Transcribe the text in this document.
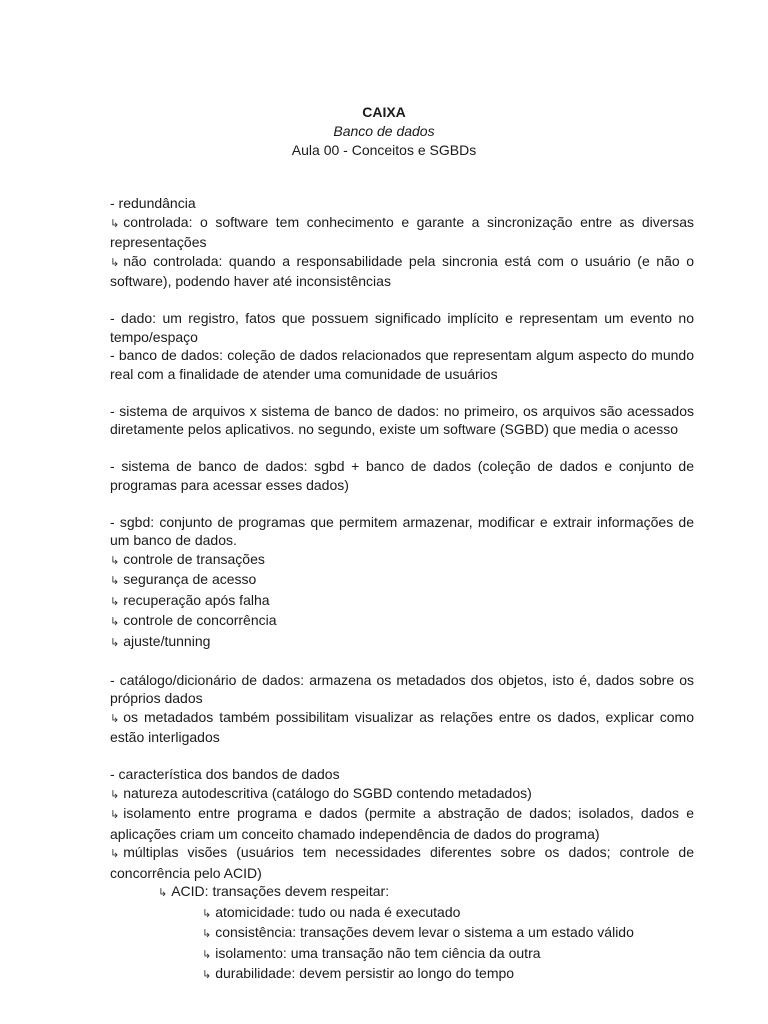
CAIXA
Banco de dados
Aula 00 - Conceitos e SGBDs

- redundância

↳ controlada: o software tem conhecimento e garante a sincronização entre as diversas representações

↳ não controlada: quando a responsabilidade pela sincronia está com o usuário (e não o software), podendo haver até inconsistências

- dado: um registro, fatos que possuem significado implícito e representam um evento no tempo/espaço

- banco de dados: coleção de dados relacionados que representam algum aspecto do mundo real com a finalidade de atender uma comunidade de usuários

- sistema de arquivos x sistema de banco de dados: no primeiro, os arquivos são acessados diretamente pelos aplicativos. no segundo, existe um software (SGBD) que media o acesso

- sistema de banco de dados: sgbd + banco de dados (coleção de dados e conjunto de programas para acessar esses dados)

- sgbd: conjunto de programas que permitem armazenar, modificar e extrair informações de um banco de dados.

↳ controle de transações

↳ segurança de acesso

↳ recuperação após falha

↳ controle de concorrência

↳ ajuste/tunning

- catálogo/dicionário de dados: armazena os metadados dos objetos, isto é, dados sobre os próprios dados

↳ os metadados também possibilitam visualizar as relações entre os dados, explicar como estão interligados

- característica dos bandos de dados

↳ natureza autodescritiva (catálogo do SGBD contendo metadados)

↳ isolamento entre programa e dados (permite a abstração de dados; isolados, dados e aplicações criam um conceito chamado independência de dados do programa)

↳ múltiplas visões (usuários tem necessidades diferentes sobre os dados; controle de concorrência pelo ACID)

↳ ACID: transações devem respeitar:

↳ atomicidade: tudo ou nada é executado

↳ consistência: transações devem levar o sistema a um estado válido

↳ isolamento: uma transação não tem ciência da outra

↳ durabilidade: devem persistir ao longo do tempo
